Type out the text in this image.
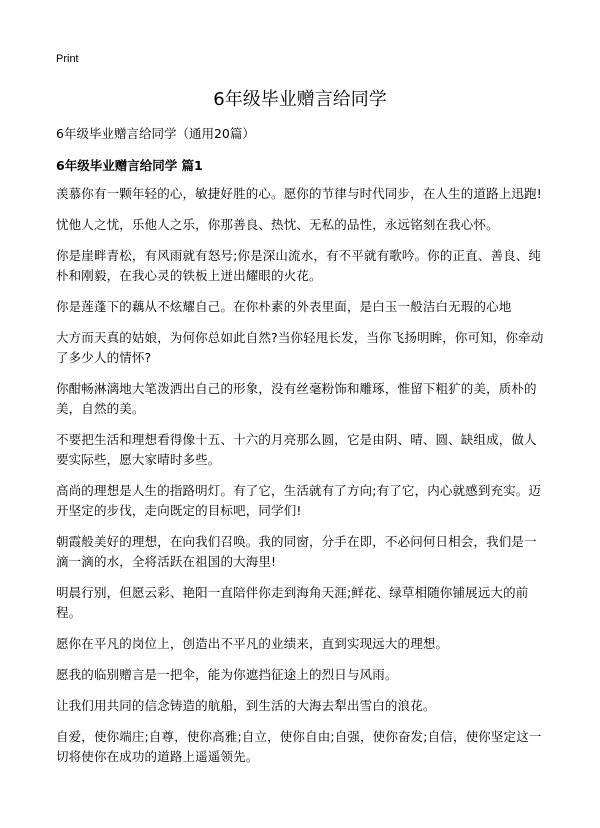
Print
6年级毕业赠言给同学
6年级毕业赠言给同学（通用20篇）
6年级毕业赠言给同学 篇1

羡慕你有一颗年轻的心，敏捷好胜的心。愿你的节律与时代同步，在人生的道路上迅跑!

忧他人之忧，乐他人之乐，你那善良、热忱、无私的品性，永远铭刻在我心怀。

你是崖畔青松，有风雨就有怒号;你是深山流水，有不平就有歌吟。你的正直、善良、纯朴和刚毅，在我心灵的铁板上迸出耀眼的火花。

你是莲蓬下的藕从不炫耀自己。在你朴素的外表里面，是白玉一般洁白无瑕的心地

大方而天真的姑娘，为何你总如此自然?当你轻甩长发，当你飞扬明眸，你可知，你牵动了多少人的情怀?

你酣畅淋漓地大笔泼洒出自己的形象，没有丝毫粉饰和雕琢，惟留下粗犷的美，质朴的美，自然的美。

不要把生活和理想看得像十五、十六的月亮那么圆，它是由阴、晴、圆、缺组成，做人要实际些，愿大家晴时多些。

高尚的理想是人生的指路明灯。有了它，生活就有了方向;有了它，内心就感到充实。迈开坚定的步伐，走向既定的目标吧，同学们!

朝霞般美好的理想，在向我们召唤。我的同窗，分手在即，不必问何日相会，我们是一滴一滴的水，全将活跃在祖国的大海里!

明晨行别，但愿云彩、艳阳一直陪伴你走到海角天涯;鲜花、绿草相随你铺展远大的前程。

愿你在平凡的岗位上，创造出不平凡的业绩来，直到实现远大的理想。

愿我的临别赠言是一把伞，能为你遮挡征途上的烈日与风雨。

让我们用共同的信念铸造的航船，到生活的大海去犁出雪白的浪花。

自爱，使你端庄;自尊，使你高雅;自立，使你自由;自强，使你奋发;自信，使你坚定这一切将使你在成功的道路上遥遥领先。
